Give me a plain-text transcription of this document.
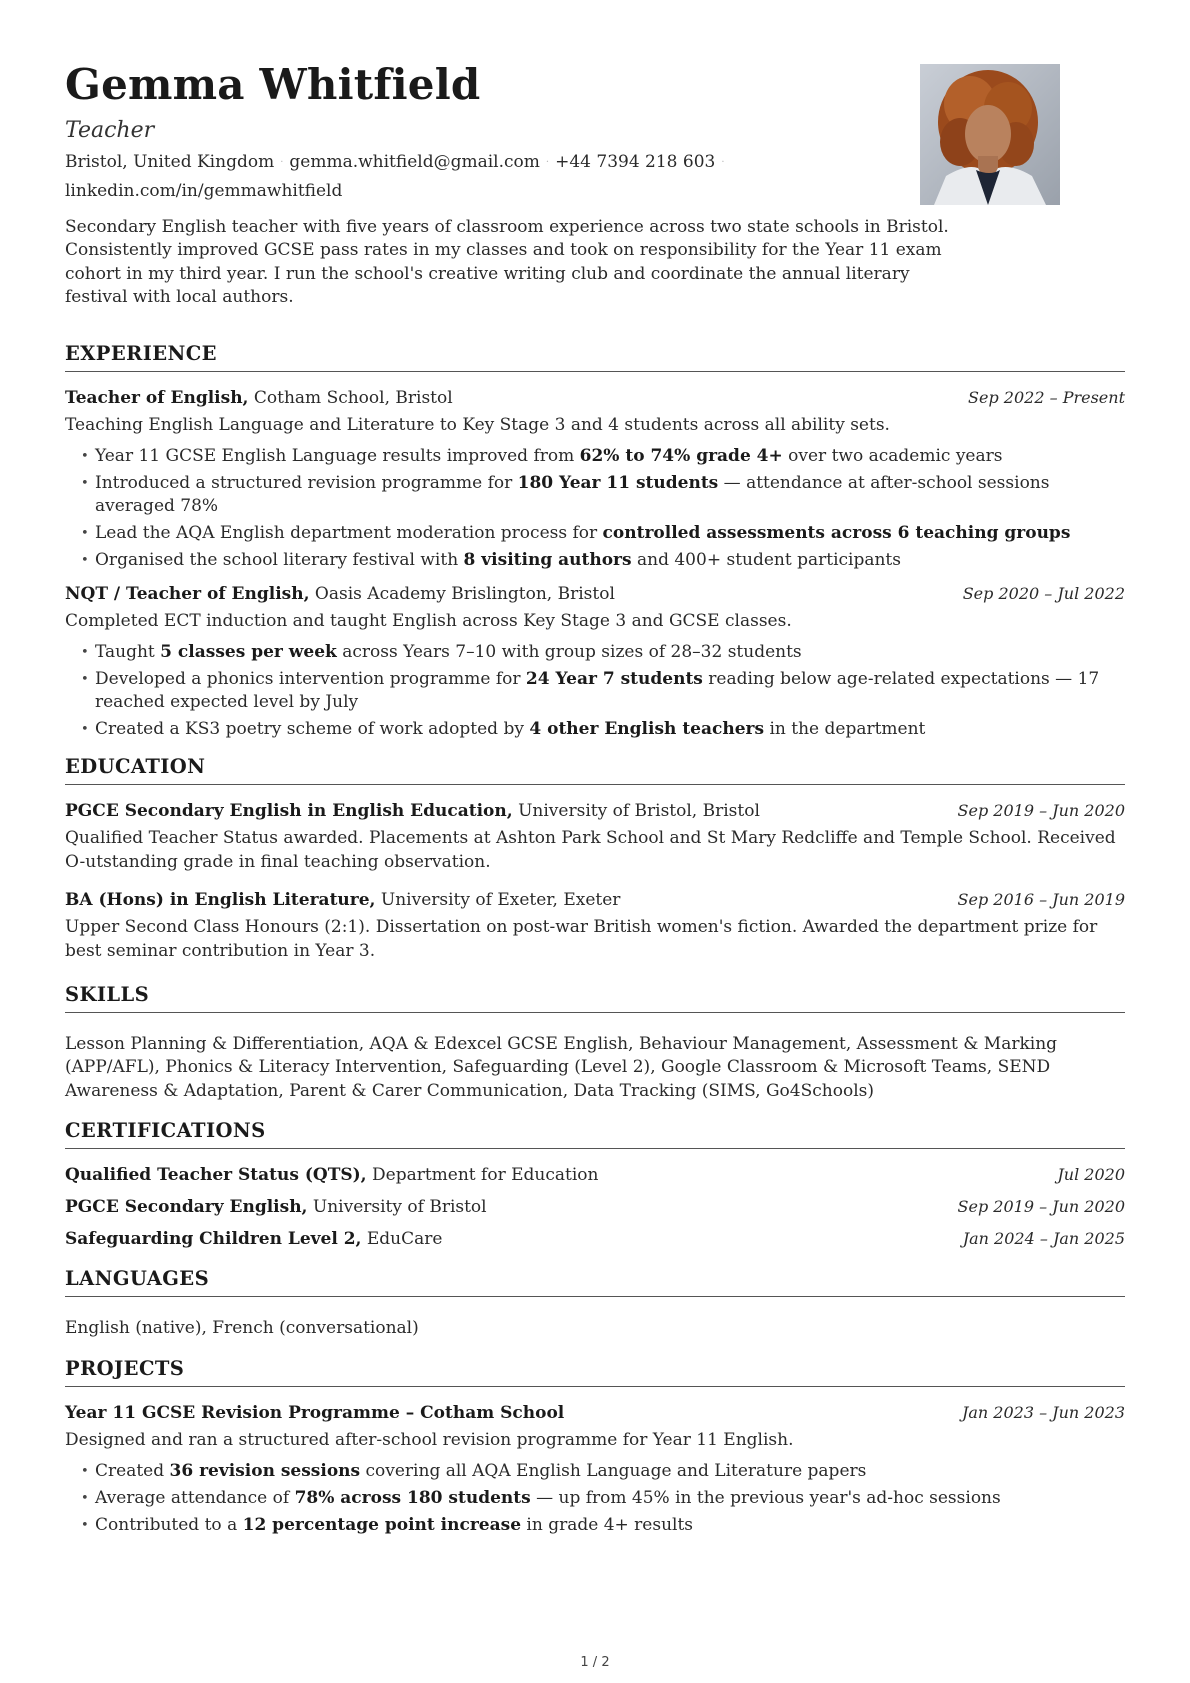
Gemma Whitfield
Teacher
Bristol, United Kingdom · gemma.whitfield@gmail.com · +44 7394 218 603 ·
linkedin.com/in/gemmawhitfield
Secondary English teacher with five years of classroom experience across two state schools in Bristol. Consistently improved GCSE pass rates in my classes and took on responsibility for the Year 11 exam cohort in my third year. I run the school's creative writing club and coordinate the annual literary festival with local authors.
EXPERIENCE
Teacher of English, Cotham School, Bristol	Sep 2022 – Present
Teaching English Language and Literature to Key Stage 3 and 4 students across all ability sets.
• Year 11 GCSE English Language results improved from 62% to 74% grade 4+ over two academic years
• Introduced a structured revision programme for 180 Year 11 students — attendance at after-school sessions averaged 78%
• Lead the AQA English department moderation process for controlled assessments across 6 teaching groups
• Organised the school literary festival with 8 visiting authors and 400+ student participants
NQT / Teacher of English, Oasis Academy Brislington, Bristol	Sep 2020 – Jul 2022
Completed ECT induction and taught English across Key Stage 3 and GCSE classes.
• Taught 5 classes per week across Years 7–10 with group sizes of 28–32 students
• Developed a phonics intervention programme for 24 Year 7 students reading below age-related expectations — 17 reached expected level by July
• Created a KS3 poetry scheme of work adopted by 4 other English teachers in the department
EDUCATION
PGCE Secondary English in English Education, University of Bristol, Bristol	Sep 2019 – Jun 2020
Qualified Teacher Status awarded. Placements at Ashton Park School and St Mary Redcliffe and Temple School. Received O-utstanding grade in final teaching observation.
BA (Hons) in English Literature, University of Exeter, Exeter	Sep 2016 – Jun 2019
Upper Second Class Honours (2:1). Dissertation on post-war British women's fiction. Awarded the department prize for best seminar contribution in Year 3.
SKILLS
Lesson Planning & Differentiation, AQA & Edexcel GCSE English, Behaviour Management, Assessment & Marking (APP/AFL), Phonics & Literacy Intervention, Safeguarding (Level 2), Google Classroom & Microsoft Teams, SEND Awareness & Adaptation, Parent & Carer Communication, Data Tracking (SIMS, Go4Schools)
CERTIFICATIONS
Qualified Teacher Status (QTS), Department for Education	Jul 2020
PGCE Secondary English, University of Bristol	Sep 2019 – Jun 2020
Safeguarding Children Level 2, EduCare	Jan 2024 – Jan 2025
LANGUAGES
English (native), French (conversational)
PROJECTS
Year 11 GCSE Revision Programme – Cotham School	Jan 2023 – Jun 2023
Designed and ran a structured after-school revision programme for Year 11 English.
• Created 36 revision sessions covering all AQA English Language and Literature papers
• Average attendance of 78% across 180 students — up from 45% in the previous year's ad-hoc sessions
• Contributed to a 12 percentage point increase in grade 4+ results
1 / 2
